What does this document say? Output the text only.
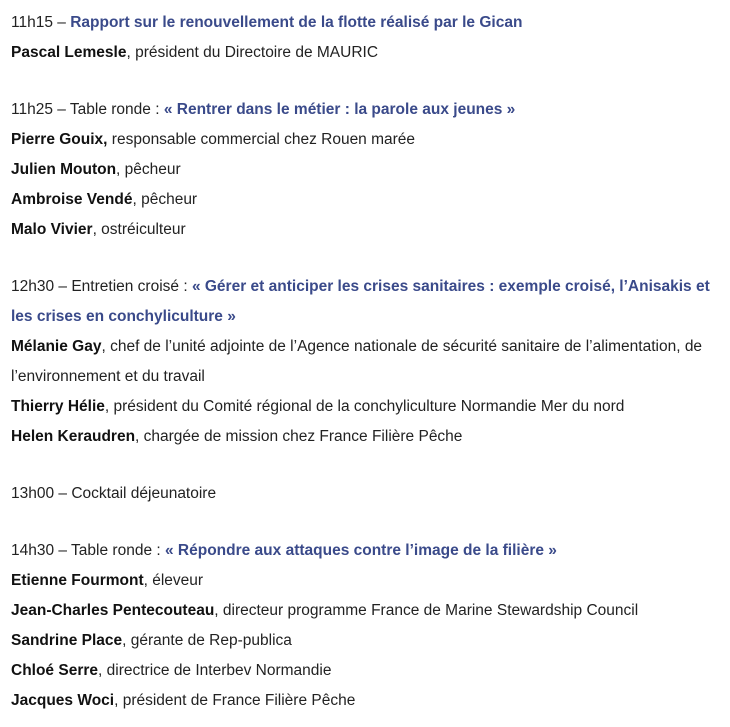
11h15 – Rapport sur le renouvellement de la flotte réalisé par le Gican

Pascal Lemesle, président du Directoire de MAURIC

11h25 – Table ronde : « Rentrer dans le métier : la parole aux jeunes »

Pierre Gouix, responsable commercial chez Rouen marée

Julien Mouton, pêcheur

Ambroise Vendé, pêcheur

Malo Vivier, ostréiculteur

12h30 – Entretien croisé : « Gérer et anticiper les crises sanitaires : exemple croisé, l’Anisakis et les crises en conchyliculture »

Mélanie Gay, chef de l’unité adjointe de l’Agence nationale de sécurité sanitaire de l’alimentation, de l’environnement et du travail

Thierry Hélie, président du Comité régional de la conchyliculture Normandie Mer du nord

Helen Keraudren, chargée de mission chez France Filière Pêche

13h00 – Cocktail déjeunatoire

14h30 – Table ronde : « Répondre aux attaques contre l’image de la filière »

Etienne Fourmont, éleveur

Jean-Charles Pentecouteau, directeur programme France de Marine Stewardship Council

Sandrine Place, gérante de Rep-publica

Chloé Serre, directrice de Interbev Normandie

Jacques Woci, président de France Filière Pêche
